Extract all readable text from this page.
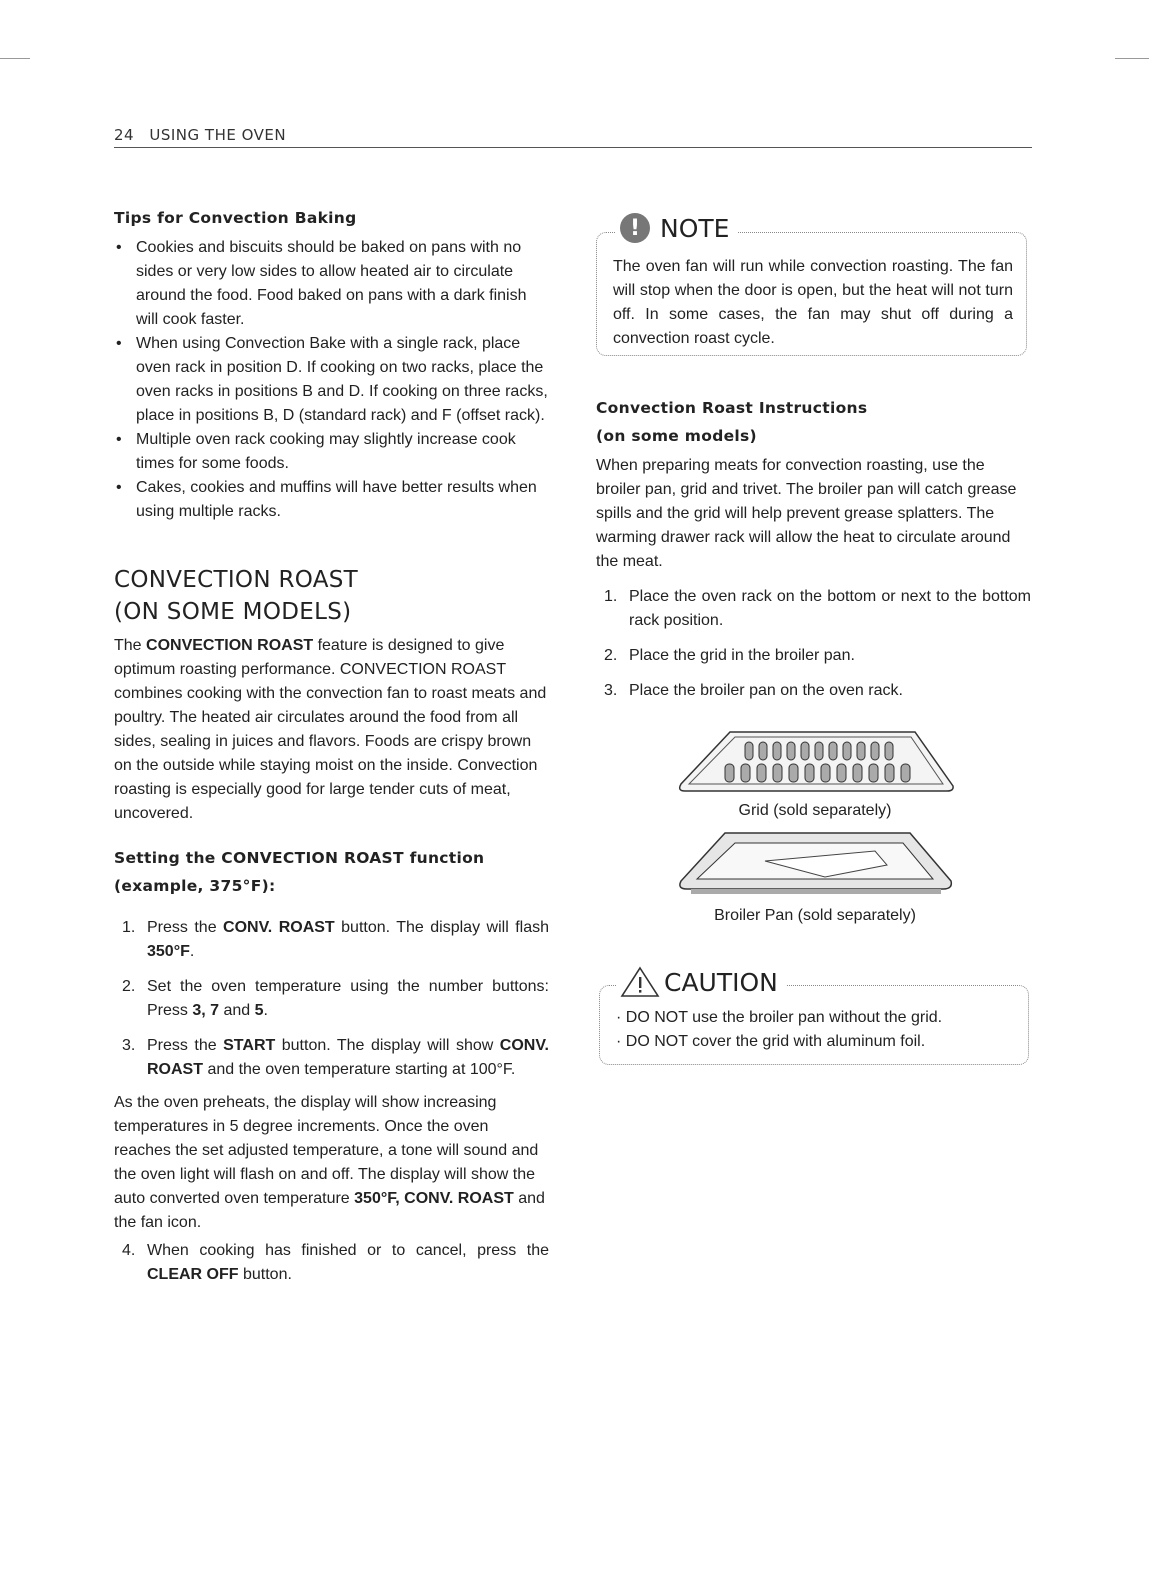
24 USING THE OVEN
Tips for Convection Baking
• Cookies and biscuits should be baked on pans with no sides or very low sides to allow heated air to circulate around the food. Food baked on pans with a dark finish will cook faster.
• When using Convection Bake with a single rack, place oven rack in position D. If cooking on two racks, place the oven racks in positions B and D. If cooking on three racks, place in positions B, D (standard rack) and F (offset rack).
• Multiple oven rack cooking may slightly increase cook times for some foods.
• Cakes, cookies and muffins will have better results when using multiple racks.
CONVECTION ROAST
(ON SOME MODELS)

The CONVECTION ROAST feature is designed to give optimum roasting performance. CONVECTION ROAST combines cooking with the convection fan to roast meats and poultry. The heated air circulates around the food from all sides, sealing in juices and flavors. Foods are crispy brown on the outside while staying moist on the inside. Convection roasting is especially good for large tender cuts of meat, uncovered.

Setting the CONVECTION ROAST function
(example, 375°F):
1. Press the CONV. ROAST button. The display will flash 350°F.
2. Set the oven temperature using the number buttons: Press 3, 7 and 5.
3. Press the START button. The display will show CONV. ROAST and the oven temperature starting at 100°F.

As the oven preheats, the display will show increasing temperatures in 5 degree increments. Once the oven reaches the set adjusted temperature, a tone will sound and the oven light will flash on and off. The display will show the auto converted oven temperature 350°F, CONV. ROAST and the fan icon.

4. When cooking has finished or to cancel, press the CLEAR OFF button.

The oven fan will run while convection roasting. The fan will stop when the door is open, but the heat will not turn off. In some cases, the fan may shut off during a convection roast cycle.

! NOTE
Convection Roast Instructions
(on some models)

When preparing meats for convection roasting, use the broiler pan, grid and trivet. The broiler pan will catch grease spills and the grid will help prevent grease splatters. The warming drawer rack will allow the heat to circulate around the meat.

1. Place the oven rack on the bottom or next to the bottom rack position.
2. Place the grid in the broiler pan.
3. Place the broiler pan on the oven rack.

Grid (sold separately)

Broiler Pan (sold separately)

· DO NOT use the broiler pan without the grid.
· DO NOT cover the grid with aluminum foil.
CAUTION
